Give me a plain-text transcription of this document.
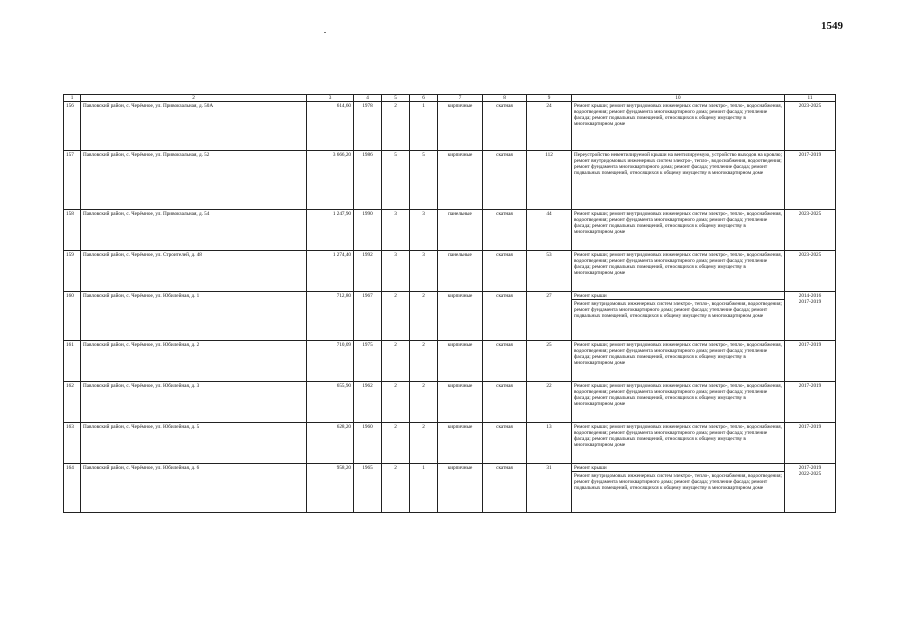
1549
1	2	3	4	5	6	7	8	9	10	11
156	Павловский район, с. Черёмное, ул. Привокзальная, д. 50А	614,60	1978	2	1	кирпичные	скатная	24	Ремонт крыши; ремонт внутридомовых инженерных систем электро-, тепло-, водоснабжения, водоотведения; ремонт фундамента многоквартирного дома; ремонт фасада; утепление фасада; ремонт подвальных помещений, относящихся к общему имуществу в многоквартирном доме	2023-2025

157	Павловский район, с. Черёмное, ул. Привокзальная, д. 52	3 666,20	1986	5	5	кирпичные	скатная	112	Переустройство невентилируемой крыши на вентилируемую, устройство выходов на кровлю; ремонт внутридомовых инженерных систем электро-, тепло-, водоснабжения, водоотведения; ремонт фундамента многоквартирного дома; ремонт фасада; утепление фасада; ремонт подвальных помещений, относящихся к общему имуществу в многоквартирном доме	2017-2019

158	Павловский район, с. Черёмное, ул. Привокзальная, д. 54	1 247,90	1990	3	3	панельные	скатная	44	Ремонт крыши; ремонт внутридомовых инженерных систем электро-, тепло-, водоснабжения, водоотведения; ремонт фундамента многоквартирного дома; ремонт фасада; утепление фасада; ремонт подвальных помещений, относящихся к общему имуществу в многоквартирном доме	2023-2025

159	Павловский район, с. Черёмное, ул. Строителей, д. 48	1 274,40	1992	3	3	панельные	скатная	53	Ремонт крыши; ремонт внутридомовых инженерных систем электро-, тепло-, водоснабжения, водоотведения; ремонт фундамента многоквартирного дома; ремонт фасада; утепление фасада; ремонт подвальных помещений, относящихся к общему имуществу в многоквартирном доме	2023-2025

160	Павловский район, с. Черёмное, ул. Юбилейная, д. 1	712,80	1967	2	2	кирпичные	скатная	27	Ремонт крыши
Ремонт внутридомовых инженерных систем электро-, тепло-, водоснабжения, водоотведения; ремонт фундамента многоквартирного дома; ремонт фасада; утепление фасада; ремонт подвальных помещений, относящихся к общему имуществу в многоквартирном доме	2014-2016
2017-2019

161	Павловский район, с. Черёмное, ул. Юбилейная, д. 2	710,09	1975	2	2	кирпичные	скатная	25	Ремонт крыши; ремонт внутридомовых инженерных систем электро-, тепло-, водоснабжения, водоотведения; ремонт фундамента многоквартирного дома; ремонт фасада; утепление фасада; ремонт подвальных помещений, относящихся к общему имуществу в многоквартирном доме	2017-2019

162	Павловский район, с. Черёмное, ул. Юбилейная, д. 3	655,90	1962	2	2	кирпичные	скатная	22	Ремонт крыши; ремонт внутридомовых инженерных систем электро-, тепло-, водоснабжения, водоотведения; ремонт фундамента многоквартирного дома; ремонт фасада; утепление фасада; ремонт подвальных помещений, относящихся к общему имуществу в многоквартирном доме	2017-2019

163	Павловский район, с. Черёмное, ул. Юбилейная, д. 5	628,20	1960	2	2	кирпичные	скатная	13	Ремонт крыши; ремонт внутридомовых инженерных систем электро-, тепло-, водоснабжения, водоотведения; ремонт фундамента многоквартирного дома; ремонт фасада; утепление фасада; ремонт подвальных помещений, относящихся к общему имуществу в многоквартирном доме	2017-2019

164	Павловский район, с. Черёмное, ул. Юбилейная, д. 6	958,20	1965	2	1	кирпичные	скатная	31	Ремонт крыши
Ремонт внутридомовых инженерных систем электро-, тепло-, водоснабжения, водоотведения; ремонт фундамента многоквартирного дома; ремонт фасада; утепление фасада; ремонт подвальных помещений, относящихся к общему имуществу в многоквартирном доме	2017-2019
2022-2025
